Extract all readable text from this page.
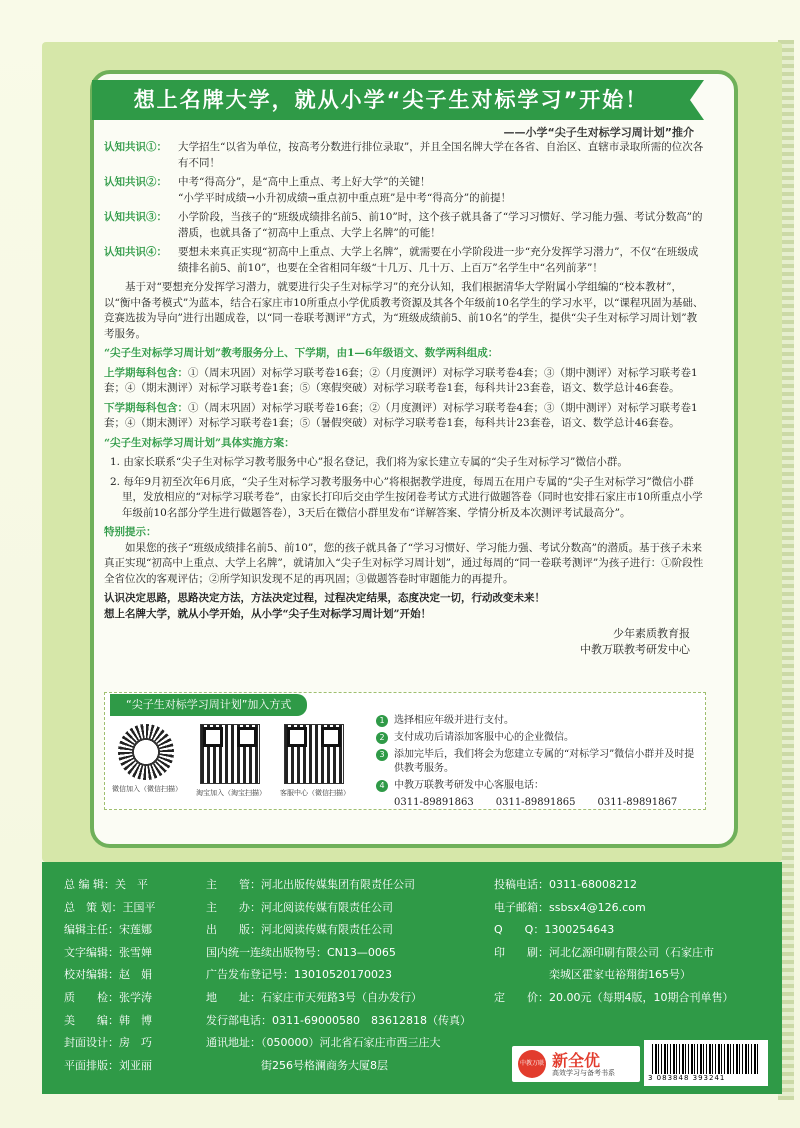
想上名牌大学，就从小学“尖子生对标学习”开始！
——小学“尖子生对标学习周计划”推介
认知共识①：	大学招生“以省为单位，按高考分数进行排位录取”，并且全国名牌大学在各省、自治区、直辖市录取所需的位次各有不同！
认知共识②：	中考“得高分”，是“高中上重点、考上好大学”的关键！
“小学平时成绩→小升初成绩→重点初中重点班”是中考“得高分”的前提！
认知共识③：	小学阶段，当孩子的“班级成绩排名前5、前10”时，这个孩子就具备了“学习习惯好、学习能力强、考试分数高”的潜质，也就具备了“初高中上重点、大学上名牌”的可能！
认知共识④：	要想未来真正实现“初高中上重点、大学上名牌”，就需要在小学阶段进一步“充分发挥学习潜力”，不仅“在班级成绩排名前5、前10”，也要在全省相同年级“十几万、几十万、上百万”名学生中“名列前茅”！
基于对“要想充分发挥学习潜力，就要进行尖子生对标学习”的充分认知，我们根据清华大学附属小学组编的“校本教材”，以“衡中备考模式”为蓝本，结合石家庄市10所重点小学优质教考资源及其各个年级前10名学生的学习水平，以“课程巩固为基础、竞赛选拔为导向”进行出题成卷，以“同一卷联考测评”方式，为“班级成绩前5、前10名”的学生，提供“尖子生对标学习周计划”教考服务。
“尖子生对标学习周计划”教考服务分上、下学期，由1—6年级语文、数学两科组成：
上学期每科包含：①（周末巩固）对标学习联考卷16套；②（月度测评）对标学习联考卷4套；③（期中测评）对标学习联考卷1套；④（期末测评）对标学习联考卷1套；⑤（寒假突破）对标学习联考卷1套，每科共计23套卷，语文、数学总计46套卷。
下学期每科包含：①（周末巩固）对标学习联考卷16套；②（月度测评）对标学习联考卷4套；③（期中测评）对标学习联考卷1套；④（期末测评）对标学习联考卷1套；⑤（暑假突破）对标学习联考卷1套，每科共计23套卷，语文、数学总计46套卷。
“尖子生对标学习周计划”具体实施方案：
1. 由家长联系“尖子生对标学习教考服务中心”报名登记，我们将为家长建立专属的“尖子生对标学习”微信小群。
2. 每年9月初至次年6月底，“尖子生对标学习教考服务中心”将根据教学进度，每周五在用户专属的“尖子生对标学习”微信小群里，发放相应的“对标学习联考卷”，由家长打印后交由学生按闭卷考试方式进行做题答卷（同时也安排石家庄市10所重点小学年级前10名部分学生进行做题答卷），3天后在微信小群里发布“详解答案、学情分析及本次测评考试最高分”。
特别提示：
如果您的孩子“班级成绩排名前5、前10”，您的孩子就具备了“学习习惯好、学习能力强、考试分数高”的潜质。基于孩子未来真正实现“初高中上重点、大学上名牌”，就请加入“尖子生对标学习周计划”，通过每周的“同一卷联考测评”为孩子进行：①阶段性全省位次的客观评估；②所学知识发现不足的再巩固；③做题答卷时审题能力的再提升。
认识决定思路，思路决定方法，方法决定过程，过程决定结果，态度决定一切，行动改变未来！
想上名牌大学，就从小学开始，从小学“尖子生对标学习周计划”开始！
少年素质教育报
中教万联教考研发中心
“尖子生对标学习周计划”加入方式
微信加入（微信扫描） 淘宝加入（淘宝扫描） 客服中心（微信扫描）
1 选择相应年级并进行支付。
2 支付成功后请添加客服中心的企业微信。
3 添加完毕后，我们将会为您建立专属的“对标学习”微信小群并及时提供教考服务。
4 中教万联教考研发中心客服电话：
0311-89891863 0311-89891865 0311-89891867
总 编 辑：关　平
总　策 划：王国平
编辑主任：宋莲娜
文字编辑：张雪婵
校对编辑：赵　娟
质　　检：张学涛
美　　编：韩　博
封面设计：房　巧
平面排版：刘亚丽
主　　管：河北出版传媒集团有限责任公司
主　　办：河北阅读传媒有限责任公司
出　　版：河北阅读传媒有限责任公司
国内统一连续出版物号：CN13—0065
广告发布登记号：13010520170023
地　　址：石家庄市天苑路3号（自办发行）
发行部电话：0311-69000580　83612818（传真）
通讯地址：（050000）河北省石家庄市西三庄大
　　　　　街256号格澜商务大厦8层
投稿电话：0311-68008212
电子邮箱：ssbsx4@126.com
Q　　Q：1300254643
印　　刷：河北亿源印刷有限公司（石家庄市
　　　　　栾城区霍家屯裕翔街165号）
定　　价：20.00元（每期4版，10期合刊单售）
中教万联 新全优
高效学习与备考书系
3 083848 393241
